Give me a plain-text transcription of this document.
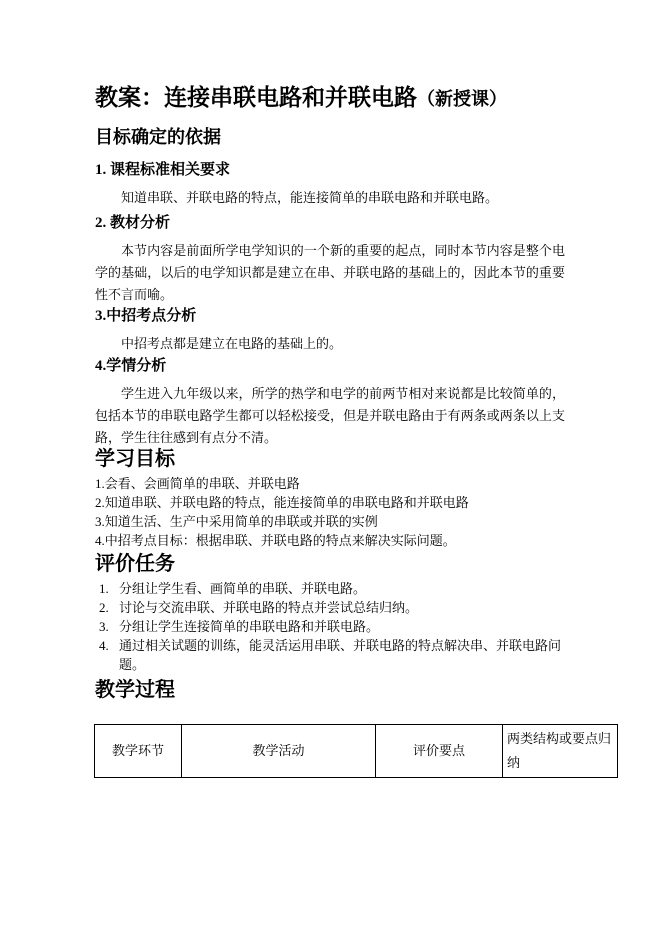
教案：连接串联电路和并联电路（新授课）
目标确定的依据
1. 课程标准相关要求

知道串联、并联电路的特点，能连接简单的串联电路和并联电路。

2. 教材分析

本节内容是前面所学电学知识的一个新的重要的起点，同时本节内容是整个电学的基础，以后的电学知识都是建立在串、并联电路的基础上的，因此本节的重要性不言而喻。

3.中招考点分析

中招考点都是建立在电路的基础上的。

4.学情分析

学生进入九年级以来，所学的热学和电学的前两节相对来说都是比较简单的，包括本节的串联电路学生都可以轻松接受，但是并联电路由于有两条或两条以上支路，学生往往感到有点分不清。

学习目标
1.会看、会画简单的串联、并联电路
2.知道串联、并联电路的特点，能连接简单的串联电路和并联电路
3.知道生活、生产中采用简单的串联或并联的实例
4.中招考点目标：根据串联、并联电路的特点来解决实际问题。
评价任务
1. 分组让学生看、画简单的串联、并联电路。
2. 讨论与交流串联、并联电路的特点并尝试总结归纳。
3. 分组让学生连接简单的串联电路和并联电路。
4. 通过相关试题的训练，能灵活运用串联、并联电路的特点解决串、并联电路问题。
教学过程
教学环节	教学活动	评价要点	两类结构或要点归纳
